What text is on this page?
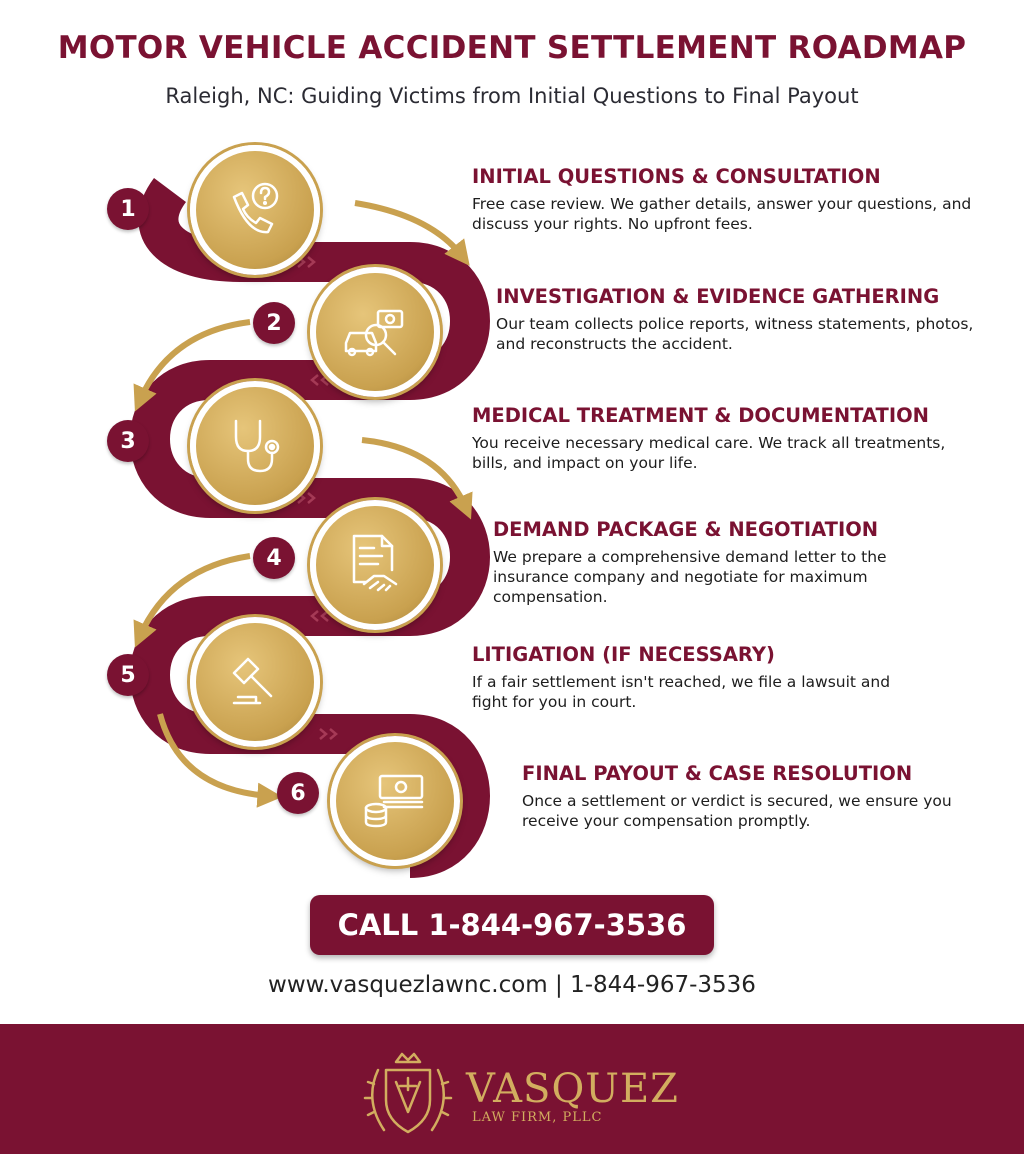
MOTOR VEHICLE ACCIDENT SETTLEMENT ROADMAP

Raleigh, NC: Guiding Victims from Initial Questions to Final Payout

1
2
3
4
5
6
INITIAL QUESTIONS & CONSULTATION

Free case review. We gather details, answer your questions, and discuss your rights. No upfront fees.

INVESTIGATION & EVIDENCE GATHERING

Our team collects police reports, witness statements, photos, and reconstructs the accident.

MEDICAL TREATMENT & DOCUMENTATION

You receive necessary medical care. We track all treatments, bills, and impact on your life.

DEMAND PACKAGE & NEGOTIATION

We prepare a comprehensive demand letter to the insurance company and negotiate for maximum compensation.

LITIGATION (IF NECESSARY)

If a fair settlement isn't reached, we file a lawsuit and fight for you in court.

FINAL PAYOUT & CASE RESOLUTION

Once a settlement or verdict is secured, we ensure you receive your compensation promptly.

CALL 1-844-967-3536
www.vasquezlawnc.com | 1-844-967-3536
VASQUEZ
LAW FIRM, PLLC
